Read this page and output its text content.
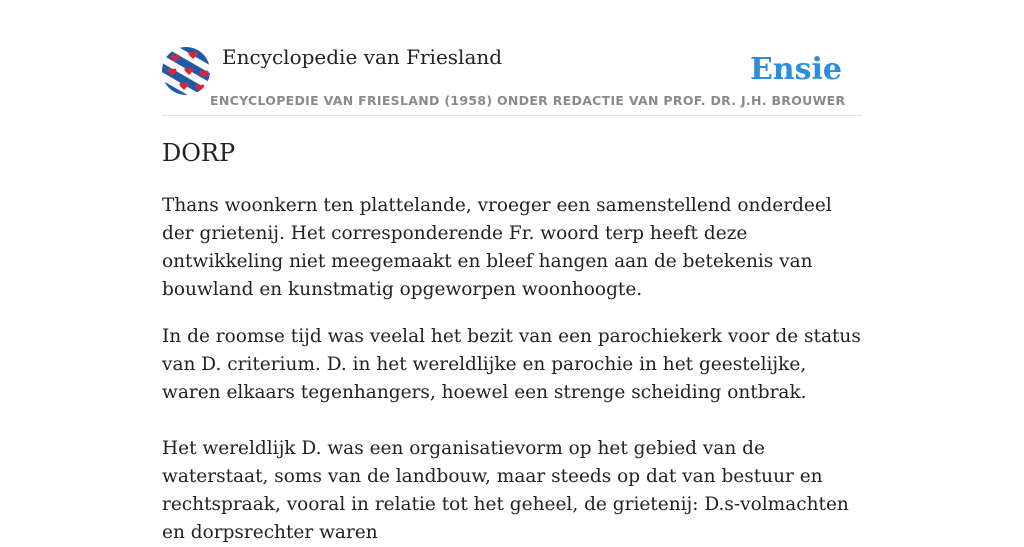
Encyclopedie van Friesland	Ensie
ENCYCLOPEDIE VAN FRIESLAND (1958) ONDER REDACTIE VAN PROF. DR. J.H. BROUWER
DORP

Thans woonkern ten plattelande, vroeger een samenstellend onderdeel der grietenij. Het corresponderende Fr. woord terp heeft deze ontwikkeling niet meegemaakt en bleef hangen aan de betekenis van bouwland en kunstmatig opgeworpen woonhoogte.

In de roomse tijd was veelal het bezit van een parochiekerk voor de status van D. criterium. D. in het wereldlijke en parochie in het geestelijke, waren elkaars tegenhangers, hoewel een strenge scheiding ontbrak.

Het wereldlijk D. was een organisatievorm op het gebied van de waterstaat, soms van de landbouw, maar steeds op dat van bestuur en rechtspraak, vooral in relatie tot het geheel, de grietenij: D.s-volmachten en dorpsrechter waren
